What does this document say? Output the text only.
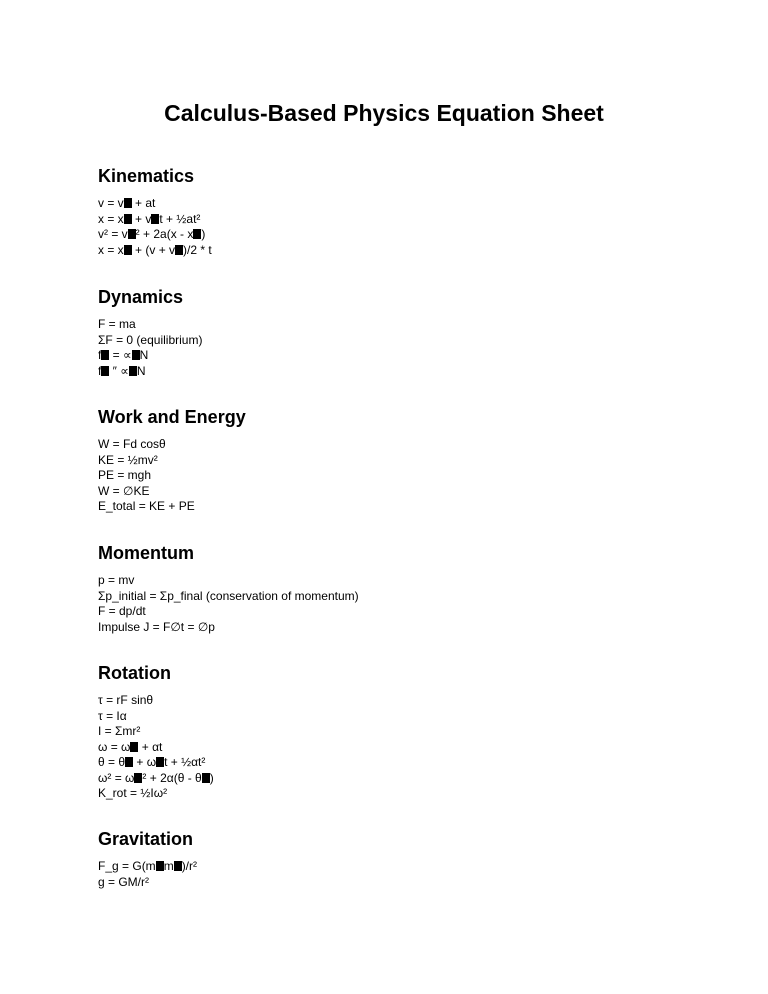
Calculus-Based Physics Equation Sheet
Kinematics
v = v + at
x = x + v t + ½at²
v² = v ² + 2a(x - x )
x = x + (v + v )/2 * t
Dynamics
F = ma
ΣF = 0 (equilibrium)
f = ∝ N
f ″ ∝ N
Work and Energy
W = Fd cosθ
KE = ½mv²
PE = mgh
W = ∅KE
E_total = KE + PE
Momentum
p = mv
Σp_initial = Σp_final (conservation of momentum)
F = dp/dt
Impulse J = F∅t = ∅p
Rotation
τ = rF sinθ
τ = Iα
I = Σmr²
ω = ω + αt
θ = θ + ω t + ½αt²
ω² = ω ² + 2α(θ - θ )
K_rot = ½Iω²
Gravitation
F_g = G(m m )/r²
g = GM/r²
